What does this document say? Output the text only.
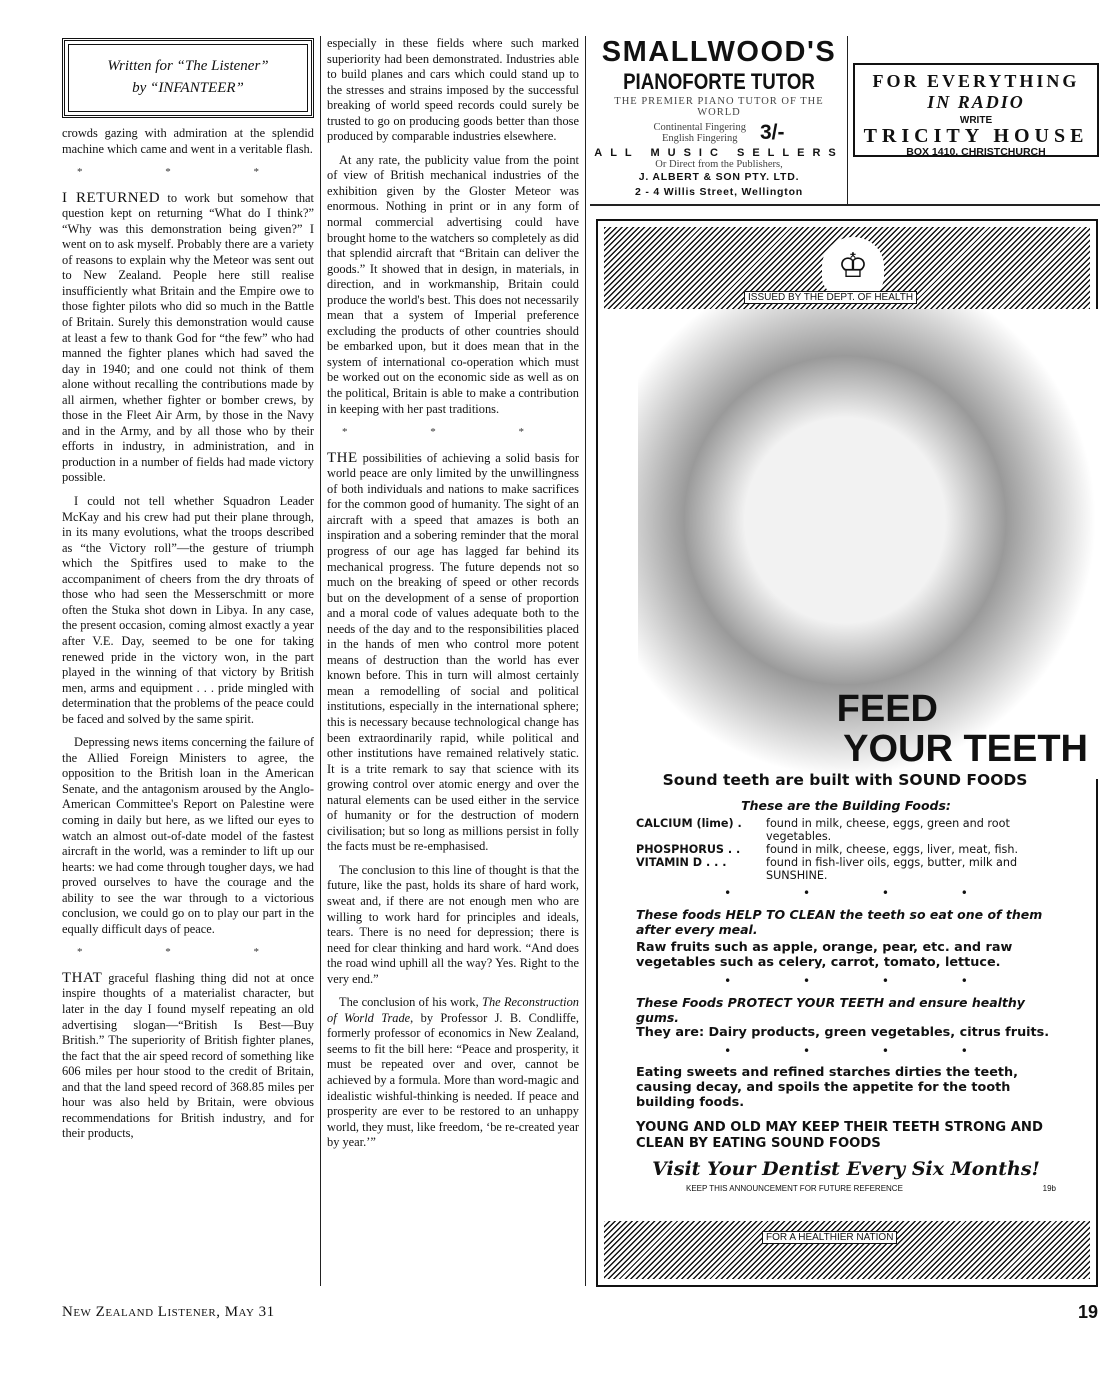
Written for “The Listener”
by “INFANTEER”

crowds gazing with admiration at the splendid machine which came and went in a veritable flash.

* * *

I RETURNED to work but somehow that question kept on returning “What do I think?” “Why was this demonstration being given?” I went on to ask myself. Probably there are a variety of reasons to explain why the Meteor was sent out to New Zealand. People here still realise insufficiently what Britain and the Empire owe to those fighter pilots who did so much in the Battle of Britain. Surely this demonstration would cause at least a few to thank God for “the few” who had manned the fighter planes which had saved the day in 1940; and one could not think of them alone without recalling the contributions made by all airmen, whether fighter or bomber crews, by those in the Fleet Air Arm, by those in the Navy and in the Army, and by all those who by their efforts in industry, in administration, and in production in a number of fields had made victory possible.

I could not tell whether Squadron Leader McKay and his crew had put their plane through, in its many evolutions, what the troops described as “the Victory roll”—the gesture of triumph which the Spitfires used to make to the accompaniment of cheers from the dry throats of those who had seen the Messerschmitt or more often the Stuka shot down in Libya. In any case, the present occasion, coming almost exactly a year after V.E. Day, seemed to be one for taking renewed pride in the victory won, in the part played in the winning of that victory by British men, arms and equipment . . . pride mingled with determination that the problems of the peace could be faced and solved by the same spirit.

Depressing news items concerning the failure of the Allied Foreign Ministers to agree, the opposition to the British loan in the American Senate, and the antagonism aroused by the Anglo-American Committee's Report on Palestine were coming in daily but here, as we lifted our eyes to watch an almost out-of-date model of the fastest aircraft in the world, was a reminder to lift up our hearts: we had come through tougher days, we had proved ourselves to have the courage and the ability to see the war through to a victorious conclusion, we could go on to play our part in the equally difficult days of peace.

* * *

THAT graceful flashing thing did not at once inspire thoughts of a materialist character, but later in the day I found myself repeating an old advertising slogan—“British Is Best—Buy British.” The superiority of British fighter planes, the fact that the air speed record of something like 606 miles per hour stood to the credit of Britain, and that the land speed record of 368.85 miles per hour was also held by Britain, were obvious recommendations for British industry, and for their products,

especially in these fields where such marked superiority had been demonstrated. Industries able to build planes and cars which could stand up to the stresses and strains imposed by the successful breaking of world speed records could surely be trusted to go on producing goods better than those produced by comparable industries elsewhere.

At any rate, the publicity value from the point of view of British mechanical industries of the exhibition given by the Gloster Meteor was enormous. Nothing in print or in any form of normal commercial advertising could have brought home to the watchers so completely as did that splendid aircraft that “Britain can deliver the goods.” It showed that in design, in materials, in direction, and in workmanship, Britain could produce the world's best. This does not necessarily mean that a system of Imperial preference excluding the products of other countries should be embarked upon, but it does mean that in the system of international co-operation which must be worked out on the economic side as well as on the political, Britain is able to make a contribution in keeping with her past traditions.

* * *

THE possibilities of achieving a solid basis for world peace are only limited by the unwillingness of both individuals and nations to make sacrifices for the common good of humanity. The sight of an aircraft with a speed that amazes is both an inspiration and a sobering reminder that the moral progress of our age has lagged far behind its mechanical progress. The future depends not so much on the breaking of speed or other records but on the development of a sense of proportion and a moral code of values adequate both to the needs of the day and to the responsibilities placed in the hands of men who control more potent means of destruction than the world has ever known before. This in turn will almost certainly mean a remodelling of social and political institutions, especially in the international sphere; this is necessary because technological change has been extraordinarily rapid, while political and other institutions have remained relatively static. It is a trite remark to say that science with its growing control over atomic energy and over the natural elements can be used either in the service of humanity or for the destruction of modern civilisation; but so long as millions persist in folly the facts must be re-emphasised.

The conclusion to this line of thought is that the future, like the past, holds its share of hard work, sweat and, if there are not enough men who are willing to work hard for principles and ideals, tears. There is no need for depression; there is need for clear thinking and hard work. “And does the road wind uphill all the way? Yes. Right to the very end.”

The conclusion of his work, The Reconstruction of World Trade, by Professor J. B. Condliffe, formerly professor of economics in New Zealand, seems to fit the bill here: “Peace and prosperity, it must be repeated over and over, cannot be achieved by a formula. More than word-magic and idealistic wishful-thinking is needed. If peace and prosperity are ever to be restored to an unhappy world, they must, like freedom, ‘be re-created year by year.’”

SMALLWOOD'S
PIANOFORTE TUTOR
THE PREMIER PIANO TUTOR OF THE WORLD
Continental Fingering
English Fingering	3/-
ALL MUSIC SELLERS
Or Direct from the Publishers,
J. ALBERT & SON PTY. LTD.
2 - 4 Willis Street, Wellington
FOR EVERYTHING
IN RADIO
WRITE
TRICITY HOUSE
BOX 1410, CHRISTCHURCH
♔
ISSUED BY THE DEPT. OF HEALTH
FEED
YOUR TEETH
Sound teeth are built with SOUND FOODS
These are the Building Foods:
CALCIUM (lime) .	found in milk, cheese, eggs, green and root vegetables.
PHOSPHORUS . .	found in milk, cheese, eggs, liver, meat, fish.
VITAMIN D . . .	found in fish-liver oils, eggs, butter, milk and SUNSHINE.
• • • •
These foods HELP TO CLEAN the teeth so eat one of them after every meal.
Raw fruits such as apple, orange, pear, etc. and raw vegetables such as celery, carrot, tomato, lettuce.
• • • •
These Foods PROTECT YOUR TEETH and ensure healthy gums.
They are: Dairy products, green vegetables, citrus fruits.
• • • •
Eating sweets and refined starches dirties the teeth, causing decay, and spoils the appetite for the tooth building foods.
YOUNG AND OLD MAY KEEP THEIR TEETH STRONG AND CLEAN BY EATING SOUND FOODS
Visit Your Dentist Every Six Months!
KEEP THIS ANNOUNCEMENT FOR FUTURE REFERENCE	19b
FOR A HEALTHIER NATION
New Zealand Listener, May 31	19
